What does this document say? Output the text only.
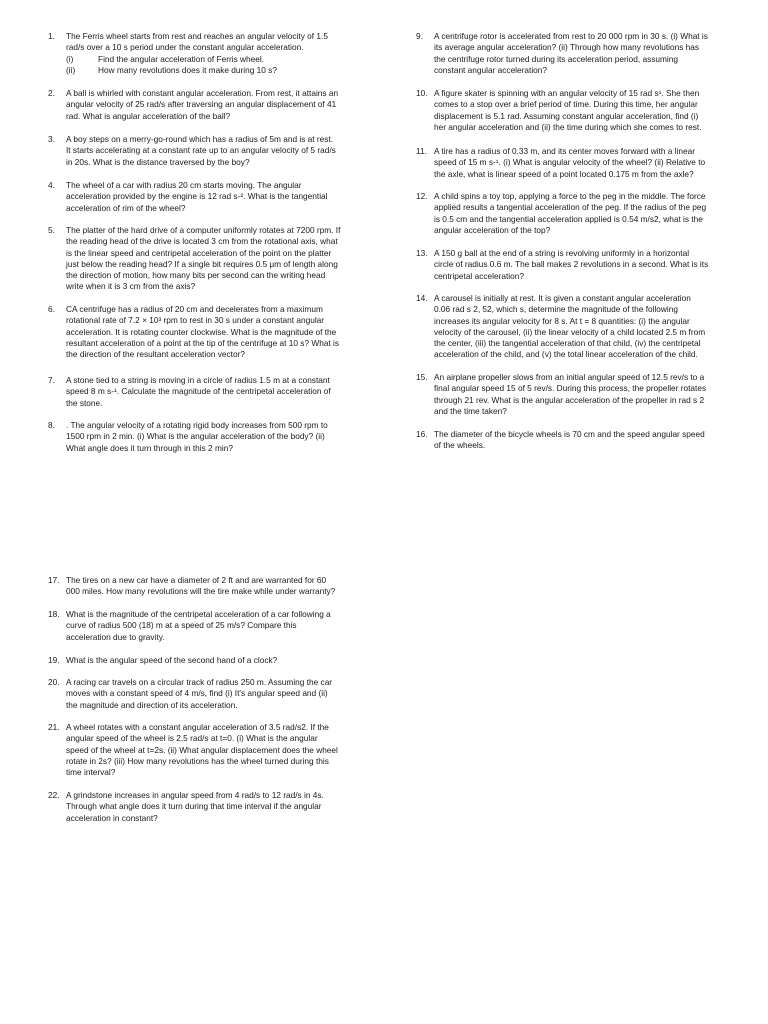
1.	The Ferris wheel starts from rest and reaches an angular velocity of 1.5
rad/s over a 10 s period under the constant angular acceleration.
(i)	Find the angular acceleration of Ferris wheel.
(ii)	How many revolutions does it make during 10 s?
2.	A ball is whirled with constant angular acceleration. From rest, it attains an
angular velocity of 25 rad/s after traversing an angular displacement of 41
rad. What is angular acceleration of the ball?
3.	A boy steps on a merry-go-round which has a radius of 5m and is at rest.
It starts accelerating at a constant rate up to an angular velocity of 5 rad/s
in 20s. What is the distance traversed by the boy?
4.	The wheel of a car with radius 20 cm starts moving. The angular
acceleration provided by the engine is 12 rad s-². What is the tangential
acceleration of rim of the wheel?
5.	The platter of the hard drive of a computer uniformly rotates at 7200 rpm. If
the reading head of the drive is located 3 cm from the rotational axis, what
is the linear speed and centripetal acceleration of the point on the platter
just below the reading head? If a single bit requires 0.5 μm of length along
the direction of motion, how many bits per second can the writing head
write when it is 3 cm from the axis?
6.	CA centrifuge has a radius of 20 cm and decelerates from a maximum
rotational rate of 7.2 × 10³ rpm to rest in 30 s under a constant angular
acceleration. It is rotating counter clockwise. What is the magnitude of the
resultant acceleration of a point at the tip of the centrifuge at 10 s? What is
the direction of the resultant acceleration vector?
7.	A stone tied to a string is moving in a circle of radius 1.5 m at a constant
speed 8 m s-¹. Calculate the magnitude of the centripetal acceleration of
the stone.
8.	. The angular velocity of a rotating rigid body increases from 500 rpm to
1500 rpm in 2 min. (i) What is the angular acceleration of the body? (ii)
What angle does it turn through in this 2 min?
9.	A centrifuge rotor is accelerated from rest to 20 000 rpm in 30 s. (i) What is
its average angular acceleration? (ii) Through how many revolutions has
the centrifuge rotor turned during its acceleration period, assuming
constant angular acceleration?
10. A figure skater is spinning with an angular velocity of 15 rad s¹. She then
comes to a stop over a brief period of time. During this time, her angular
displacement is 5.1 rad. Assuming constant angular acceleration, find (i)
her angular acceleration and (ii) the time during which she comes to rest.
11. A tire has a radius of 0.33 m, and its center moves forward with a linear
speed of 15 m s-¹. (i) What is angular velocity of the wheel? (ii) Relative to
the axle, what is linear speed of a point located 0.175 m from the axle?
12. A child spins a toy top, applying a force to the peg in the middle. The force
applied results a tangential acceleration of the peg. If the radius of the peg
is 0.5 cm and the tangential acceleration applied is 0.54 m/s2, what is the
angular acceleration of the top?
13. A 150 g ball at the end of a string is revolving uniformly in a horizontal
circle of radius 0.6 m. The ball makes 2 revolutions in a second. What is its
centripetal acceleration?
14. A carousel is initially at rest. It is given a constant angular acceleration
0.06 rad s 2, 52, which s, determine the magnitude of the following
increases its angular velocity for 8 s. At t = 8 quantities: (i) the angular
velocity of the carousel, (ii) the linear velocity of a child located 2.5 m from
the center, (iii) the tangential acceleration of that child, (iv) the centripetal
acceleration of the child, and (v) the total linear acceleration of the child.
15. An airplane propeller slows from an initial angular speed of 12.5 rev/s to a
final angular speed 15 of 5 rev/s. During this process, the propeller rotates
through 21 rev. What is the angular acceleration of the propeller in rad s 2
and the time taken?
16. The diameter of the bicycle wheels is 70 cm and the speed angular speed
of the wheels.
17. The tires on a new car have a diameter of 2 ft and are warranted for 60
000 miles. How many revolutions will the tire make while under warranty?
18. What is the magnitude of the centripetal acceleration of a car following a
curve of radius 500 (18) m at a speed of 25 m/s? Compare this
acceleration due to gravity.
19. What is the angular speed of the second hand of a clock?
20. A racing car travels on a circular track of radius 250 m. Assuming the car
moves with a constant speed of 4 m/s, find (i) It's angular speed and (ii)
the magnitude and direction of its acceleration.
21. A wheel rotates with a constant angular acceleration of 3.5 rad/s2. If the
angular speed of the wheel is 2.5 rad/s at t=0. (i) What is the angular
speed of the wheel at t=2s. (ii) What angular displacement does the wheel
rotate in 2s? (iii) How many revolutions has the wheel turned during this
time interval?
22. A grindstone increases in angular speed from 4 rad/s to 12 rad/s in 4s.
Through what angle does it turn during that time interval if the angular
acceleration in constant?
